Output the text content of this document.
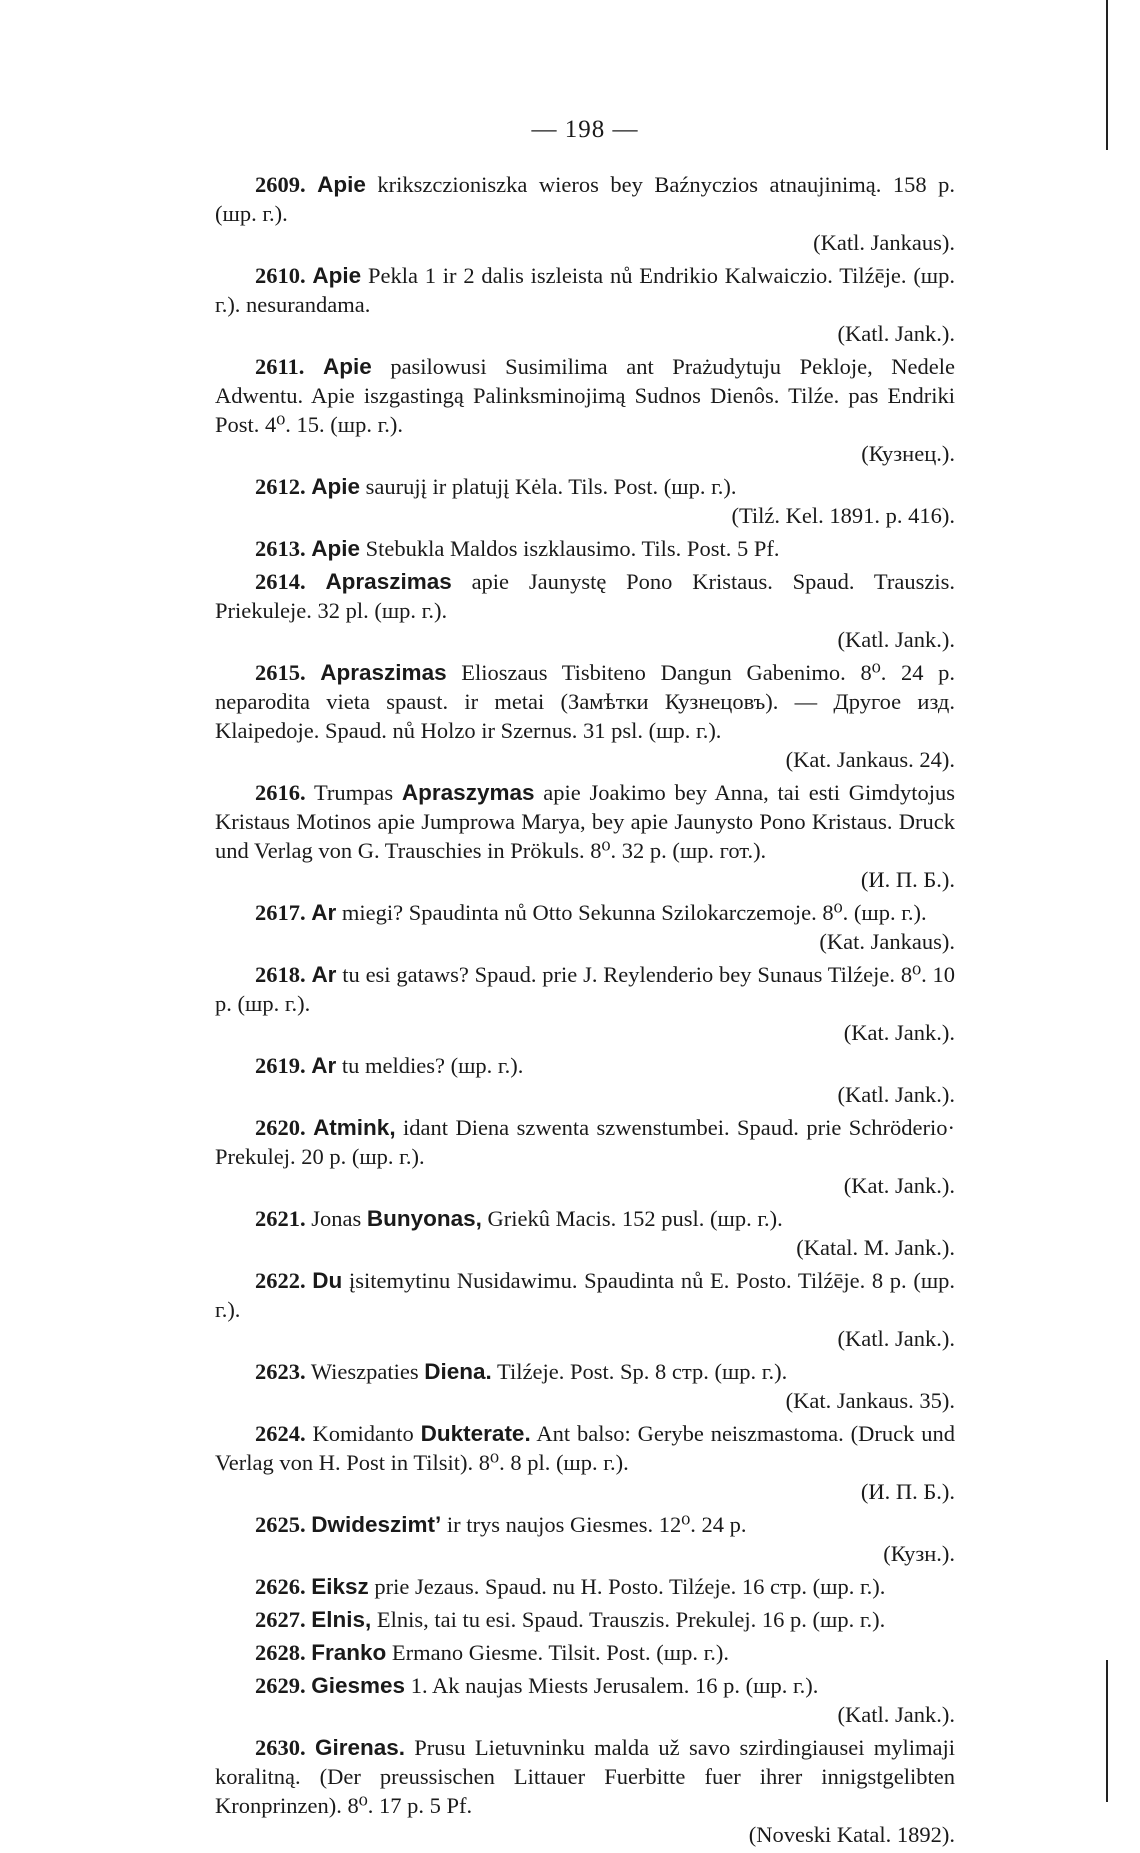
— 198 —

2609. Apie krikszczioniszka wieros bey Baźnyczios atnaujinimą. 158 p. (шр. г.).
(Katl. Jankaus).

2610. Apie Pekla 1 ir 2 dalis iszleista nů Endrikio Kalwaiczio. Tilźēje. (шр. г.). nesurandama.
(Katl. Jank.).

2611. Apie pasilowusi Susimilima ant Prażudytuju Pekloje, Nedele Adwentu. Apie iszgastingą Palinksminojimą Sudnos Dienôs. Tilźe. pas Endriki Post. 4⁰. 15. (шр. г.).
(Кузнец.).

2612. Apie saurujį ir platujį Kėla. Tils. Post. (шр. г.).
(Tilź. Kel. 1891. p. 416).

2613. Apie Stebukla Maldos iszklausimo. Tils. Post. 5 Pf.

2614. Apraszimas apie Jaunystę Pono Kristaus. Spaud. Trauszis. Priekuleje. 32 pl. (шр. г.).
(Katl. Jank.).

2615. Apraszimas Elioszaus Tisbiteno Dangun Gabenimo. 8⁰. 24 p. neparodita vieta spaust. ir metai (Замѣтки Кузнецовъ). — Другое изд. Klaipedoje. Spaud. nů Holzo ir Szernus. 31 psl. (шр. г.).
(Kat. Jankaus. 24).

2616. Trumpas Apraszymas apie Joakimo bey Anna, tai esti Gimdytojus Kristaus Motinos apie Jumprowa Marya, bey apie Jaunysto Pono Kristaus. Druck und Verlag von G. Trauschies in Prökuls. 8⁰. 32 p. (шр. гот.).
(И. П. Б.).

2617. Ar miegi? Spaudinta nů Otto Sekunna Szilokarczemoje. 8⁰. (шр. г.).
(Kat. Jankaus).

2618. Ar tu esi gataws? Spaud. prie J. Reylenderio bey Sunaus Tilźeje. 8⁰. 10 p. (шр. г.).
(Kat. Jank.).

2619. Ar tu meldies? (шр. г.).
(Katl. Jank.).

2620. Atmink, idant Diena szwenta szwenstumbei. Spaud. prie Schröderio· Prekulej. 20 p. (шр. г.).
(Kat. Jank.).

2621. Jonas Bunyonas, Griekû Macis. 152 pusl. (шр. г.).
(Katal. M. Jank.).

2622. Du įsitemytinu Nusidawimu. Spaudinta nů E. Posto. Tilźēje. 8 p. (шр. г.).
(Katl. Jank.).

2623. Wieszpaties Diena. Tilźeje. Post. Sp. 8 стр. (шр. г.).
(Kat. Jankaus. 35).

2624. Komidanto Dukterate. Ant balso: Gerybe neiszmastoma. (Druck und Verlag von H. Post in Tilsit). 8⁰. 8 pl. (шр. г.).
(И. П. Б.).

2625. Dwideszimt’ ir trys naujos Giesmes. 12⁰. 24 p.
(Кузн.).

2626. Eiksz prie Jezaus. Spaud. nu H. Posto. Tilźeje. 16 стр. (шр. г.).

2627. Elnis, Elnis, tai tu esi. Spaud. Trauszis. Prekulej. 16 p. (шр. г.).

2628. Franko Ermano Giesme. Tilsit. Post. (шр. г.).

2629. Giesmes 1. Ak naujas Miests Jerusalem. 16 p. (шр. г.).
(Katl. Jank.).

2630. Girenas. Prusu Lietuvninku malda už savo szirdingiausei mylimaji koralitną. (Der preussischen Littauer Fuerbitte fuer ihrer innigstgelibten Kronprinzen). 8⁰. 17 p. 5 Pf.
(Noveski Katal. 1892).
